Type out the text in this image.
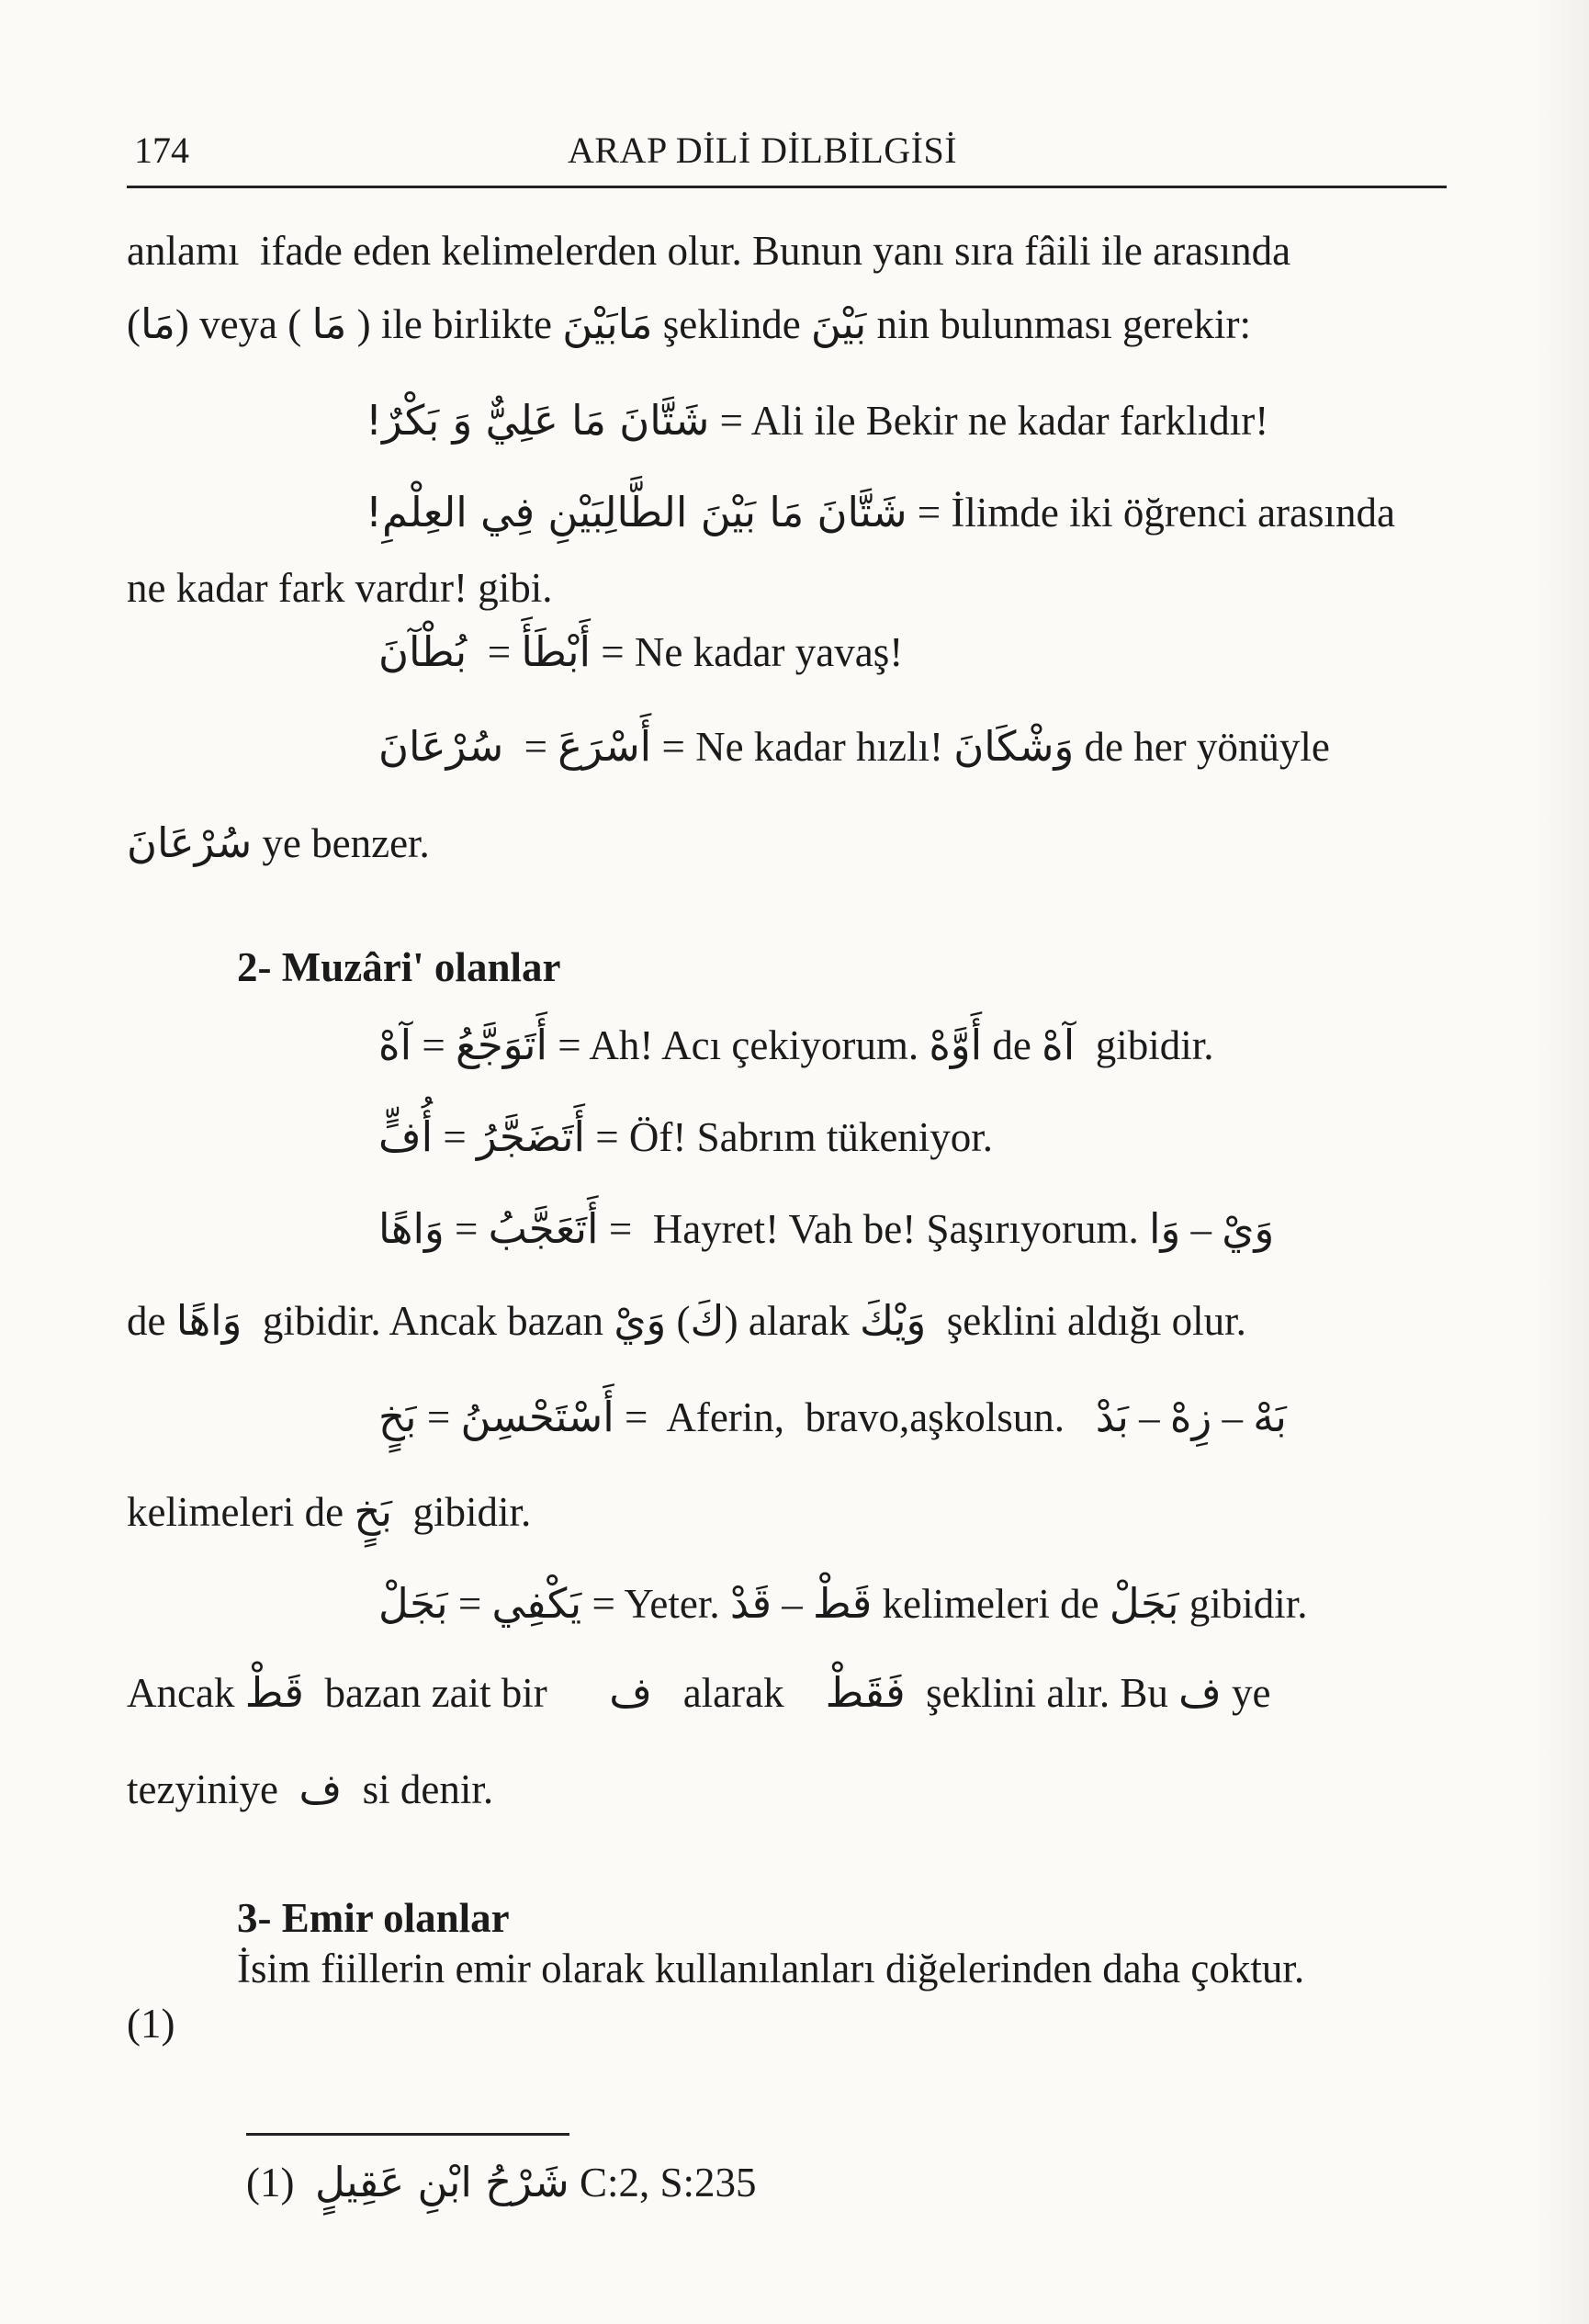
174	ARAP DİLİ DİLBİLGİSİ
anlamı  ifade eden kelimelerden olur. Bunun yanı sıra fâili ile arasında
(مَا) veya ( مَا ) ile birlikte مَابَيْنَ şeklinde بَيْنَ nin bulunması gerekir:
شَتَّانَ مَا عَلِيٌّ وَ بَكْرٌ! = Ali ile Bekir ne kadar farklıdır!
شَتَّانَ مَا بَيْنَ الطَّالِبَيْنِ فِي العِلْمِ! = İlimde iki öğrenci arasında
ne kadar fark vardır! gibi.
بُطْآنَ  = أَبْطَأَ = Ne kadar yavaş!
سُرْعَانَ  = أَسْرَعَ = Ne kadar hızlı! وَشْكَانَ de her yönüyle
سُرْعَانَ ye benzer.
2- Muzâri' olanlar
آهْ = أَتَوَجَّعُ = Ah! Acı çekiyorum. أَوَّهْ de آهْ  gibidir.
أُفٍّ = أَتَضَجَّرُ = Öf! Sabrım tükeniyor.
وَاهًا = أَتَعَجَّبُ =  Hayret! Vah be! Şaşırıyorum. وَا – وَيْ
de وَاهًا  gibidir. Ancak bazan وَيْ (كَ) alarak وَيْكَ  şeklini aldığı olur.
بَخٍ = أَسْتَحْسِنُ =  Aferin,  bravo,aşkolsun.   بَدْ – زِهْ – بَهْ
kelimeleri de بَخٍ  gibidir.
بَجَلْ = يَكْفِي = Yeter. قَدْ – قَطْ kelimeleri de بَجَلْ gibidir.
Ancak قَطْ  bazan zait bir      ف   alarak    فَقَطْ  şeklini alır. Bu ف ye
tezyiniye  ف  si denir.
3- Emir olanlar
İsim fiillerin emir olarak kullanılanları diğelerinden daha çoktur.
(1)
(1)  شَرْحُ ابْنِ عَقِيلٍ C:2, S:235
